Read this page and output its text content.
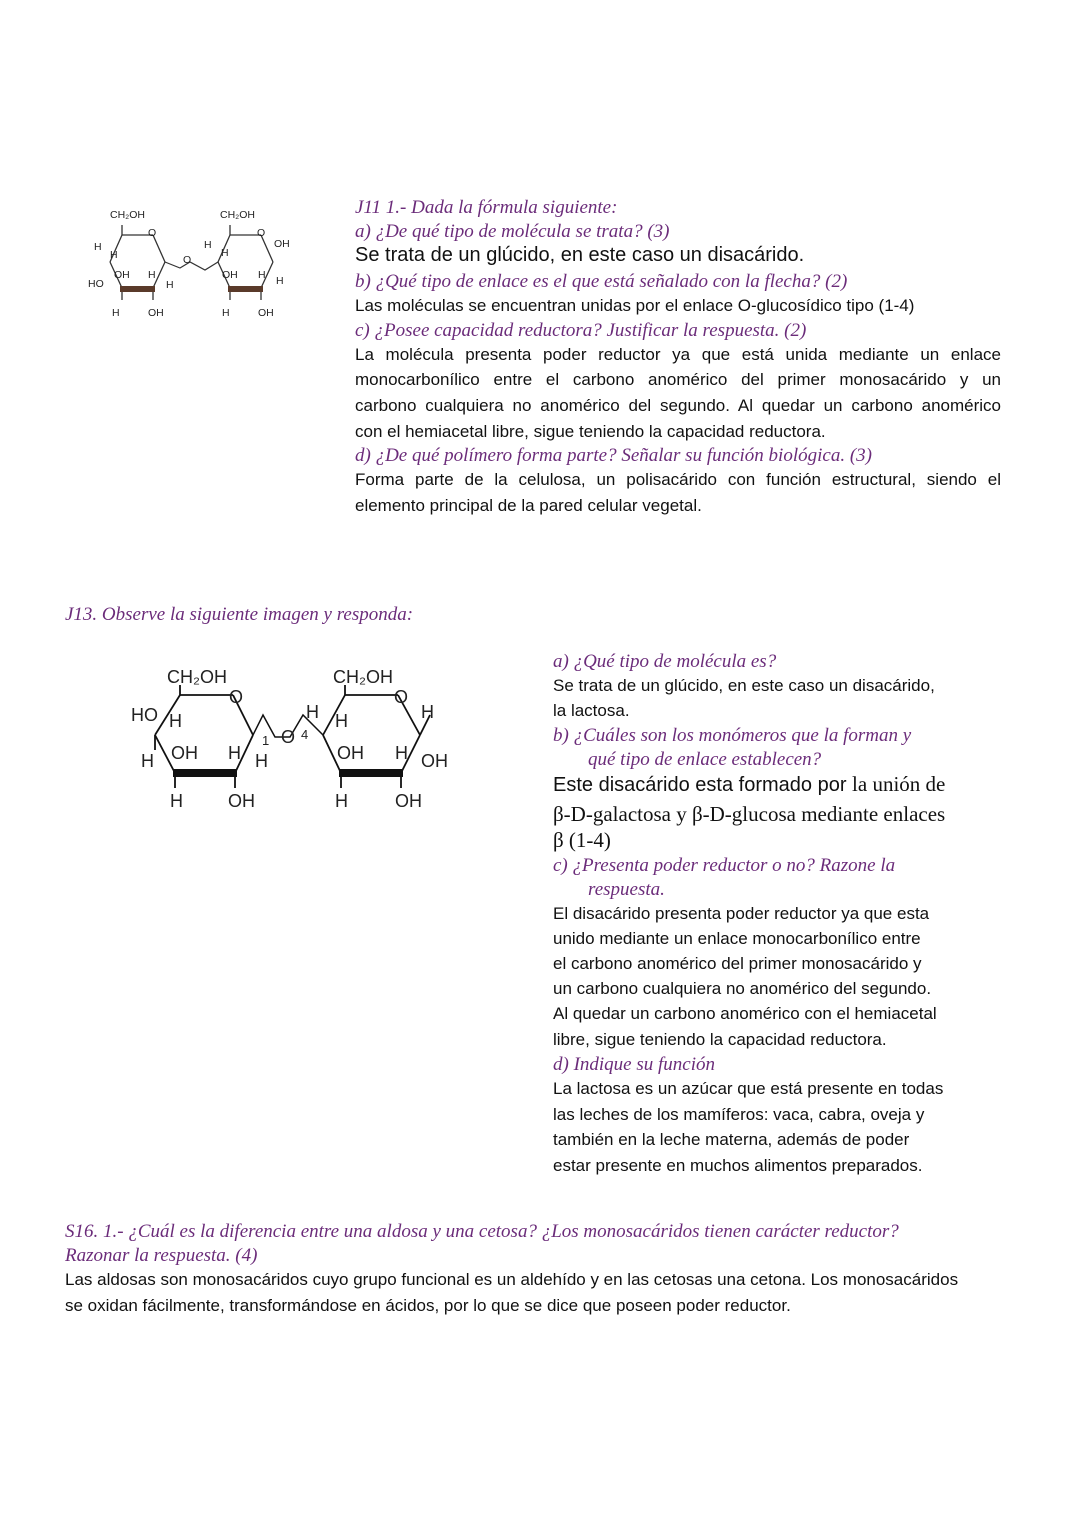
CH₂OH	CH₂OH
O	O
O
OH
H
H
H
H
HO
OH H
H
OH H H
H	OH	H	OH
J11 1.- Dada la fórmula siguiente:
a) ¿De qué tipo de molécula se trata? (3)
Se trata de un glúcido, en este caso un disacárido.
b) ¿Qué tipo de enlace es el que está señalado con la flecha? (2)
Las moléculas se encuentran unidas por el enlace O-glucosídico tipo (1-4)
c) ¿Posee capacidad reductora? Justificar la respuesta. (2)
La molécula presenta poder reductor ya que está unida mediante un enlace
monocarbonílico entre el carbono anomérico del primer monosacárido y un
carbono cualquiera no anomérico del segundo. Al quedar un carbono anomérico
con el hemiacetal libre, sigue teniendo la capacidad reductora.
d) ¿De qué polímero forma parte? Señalar su función biológica. (3)
Forma parte de la celulosa, un polisacárido con función estructural, siendo el
elemento principal de la pared celular vegetal.
J13. Observe la siguiente imagen y responda:
CH₂OH	CH₂OH
O	O
HO H	H H	H
1 O 4
H OH H H	OH H OH
H	OH	H	OH
a) ¿Qué tipo de molécula es?
Se trata de un glúcido, en este caso un disacárido,
la lactosa.
b) ¿Cuáles son los monómeros que la forman y
qué tipo de enlace establecen?
Este disacárido esta formado por la unión de
β-D-galactosa y β-D-glucosa mediante enlaces
β (1-4)
c) ¿Presenta poder reductor o no? Razone la
respuesta.
El disacárido presenta poder reductor ya que esta
unido mediante un enlace monocarbonílico entre
el carbono anomérico del primer monosacárido y
un carbono cualquiera no anomérico del segundo.
Al quedar un carbono anomérico con el hemiacetal
libre, sigue teniendo la capacidad reductora.
d) Indique su función
La lactosa es un azúcar que está presente en todas
las leches de los mamíferos: vaca, cabra, oveja y
también en la leche materna, además de poder
estar presente en muchos alimentos preparados.
S16. 1.- ¿Cuál es la diferencia entre una aldosa y una cetosa? ¿Los monosacáridos tienen carácter reductor?
Razonar la respuesta. (4)
Las aldosas son monosacáridos cuyo grupo funcional es un aldehído y en las cetosas una cetona. Los monosacáridos
se oxidan fácilmente, transformándose en ácidos, por lo que se dice que poseen poder reductor.
